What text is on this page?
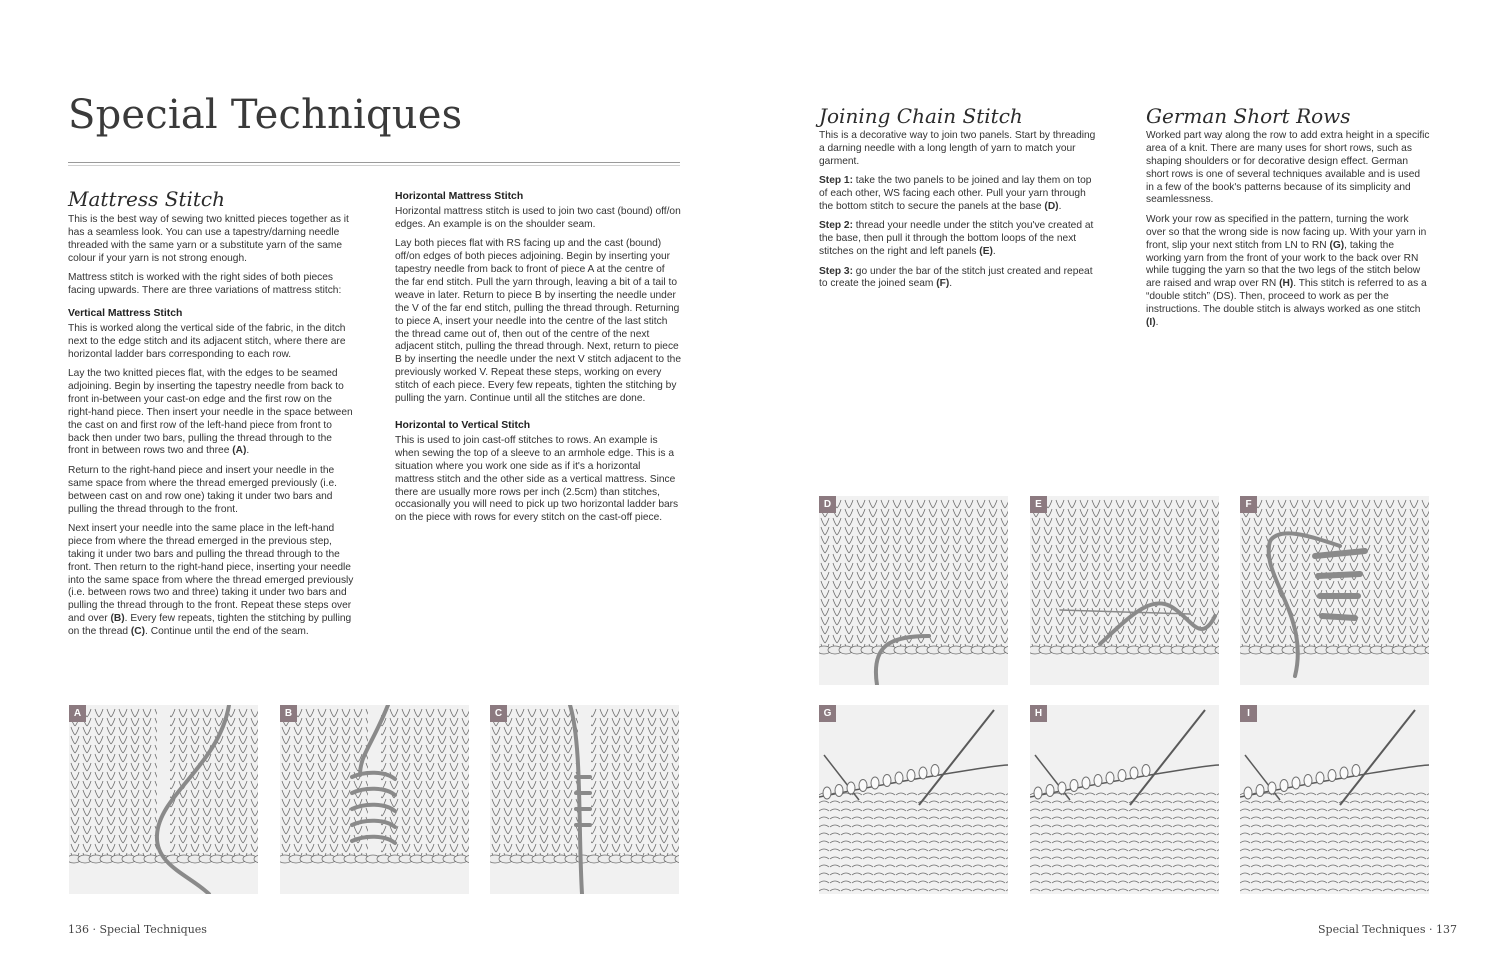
Special Techniques
Mattress Stitch

This is the best way of sewing two knitted pieces together as it has a seamless look. You can use a tapestry/darning needle threaded with the same yarn or a substitute yarn of the same colour if your yarn is not strong enough.

Mattress stitch is worked with the right sides of both pieces facing upwards. There are three variations of mattress stitch:

Vertical Mattress Stitch

This is worked along the vertical side of the fabric, in the ditch next to the edge stitch and its adjacent stitch, where there are horizontal ladder bars corresponding to each row.

Lay the two knitted pieces flat, with the edges to be seamed adjoining. Begin by inserting the tapestry needle from back to front in-between your cast-on edge and the first row on the right-hand piece. Then insert your needle in the space between the cast on and first row of the left-hand piece from front to back then under two bars, pulling the thread through to the front in between rows two and three (A).

Return to the right-hand piece and insert your needle in the same space from where the thread emerged previously (i.e. between cast on and row one) taking it under two bars and pulling the thread through to the front.

Next insert your needle into the same place in the left-hand piece from where the thread emerged in the previous step, taking it under two bars and pulling the thread through to the front. Then return to the right-hand piece, inserting your needle into the same space from where the thread emerged previously (i.e. between rows two and three) taking it under two bars and pulling the thread through to the front. Repeat these steps over and over (B). Every few repeats, tighten the stitching by pulling on the thread (C). Continue until the end of the seam.

Horizontal Mattress Stitch

Horizontal mattress stitch is used to join two cast (bound) off/on edges. An example is on the shoulder seam.

Lay both pieces flat with RS facing up and the cast (bound) off/on edges of both pieces adjoining. Begin by inserting your tapestry needle from back to front of piece A at the centre of the far end stitch. Pull the yarn through, leaving a bit of a tail to weave in later. Return to piece B by inserting the needle under the V of the far end stitch, pulling the thread through. Returning to piece A, insert your needle into the centre of the last stitch the thread came out of, then out of the centre of the next adjacent stitch, pulling the thread through. Next, return to piece B by inserting the needle under the next V stitch adjacent to the previously worked V. Repeat these steps, working on every stitch of each piece. Every few repeats, tighten the stitching by pulling the yarn. Continue until all the stitches are done.

Horizontal to Vertical Stitch

This is used to join cast-off stitches to rows. An example is when sewing the top of a sleeve to an armhole edge. This is a situation where you work one side as if it's a horizontal mattress stitch and the other side as a vertical mattress. Since there are usually more rows per inch (2.5cm) than stitches, occasionally you will need to pick up two horizontal ladder bars on the piece with rows for every stitch on the cast-off piece.

Joining Chain Stitch

This is a decorative way to join two panels. Start by threading a darning needle with a long length of yarn to match your garment.

Step 1: take the two panels to be joined and lay them on top of each other, WS facing each other. Pull your yarn through the bottom stitch to secure the panels at the base (D).

Step 2: thread your needle under the stitch you've created at the base, then pull it through the bottom loops of the next stitches on the right and left panels (E).

Step 3: go under the bar of the stitch just created and repeat to create the joined seam (F).

German Short Rows

Worked part way along the row to add extra height in a specific area of a knit. There are many uses for short rows, such as shaping shoulders or for decorative design effect. German short rows is one of several techniques available and is used in a few of the book's patterns because of its simplicity and seamlessness.

Work your row as specified in the pattern, turning the work over so that the wrong side is now facing up. With your yarn in front, slip your next stitch from LN to RN (G), taking the working yarn from the front of your work to the back over RN while tugging the yarn so that the two legs of the stitch below are raised and wrap over RN (H). This stitch is referred to as a “double stitch” (DS). Then, proceed to work as per the instructions. The double stitch is always worked as one stitch (I).

A	B	C
D	E	F
G	H	I
136 · Special Techniques	Special Techniques · 137
